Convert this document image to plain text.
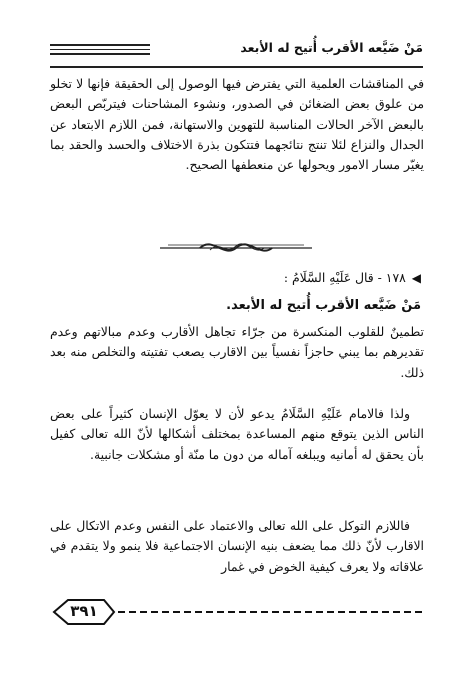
مَنْ ضَيَّعه الأقرب أُتيح له الأبعد
في المناقشات العلمية التي يفترض فيها الوصول إلى الحقيقة فإنها لا تخلو من علوق بعض الضغائن في الصدور، ونشوء المشاحنات فيتربّص البعض بالبعض الآخر الحالات المناسبة للتهوين والاستهانة، فمن اللازم الابتعاد عن الجدال والنزاع لئلا تنتج نتائجهما فتتكون بذرة الاختلاف والحسد والحقد بما يغيّر مسار الامور ويحولها عن منعطفها الصحيح.
◀١٧٨ - قال عَلَيْهِ السَّلَامُ :
مَنْ ضَيَّعه الأقرب أُتيح له الأبعد.
تطمينٌ للقلوب المنكسرة من جرّاء تجاهل الأقارب وعدم مبالاتهم وعدم تقديرهم بما يبني حاجزاً نفسياً بين الاقارب يصعب تفتيته والتخلص منه بعد ذلك.
ولذا فالامام عَلَيْهِ السَّلَامُ يدعو لأن لا يعوّل الإنسان كثيراً على بعض الناس الذين يتوقع منهم المساعدة بمختلف أشكالها لأنّ الله تعالى كفيل بأن يحقق له أمانيه ويبلغه آماله من دون ما منّة أو مشكلات جانبية.
فاللازم التوكل على الله تعالى والاعتماد على النفس وعدم الاتكال على الاقارب لأنّ ذلك مما يضعف بنيه الإنسان الاجتماعية فلا ينمو ولا يتقدم في علاقاته ولا يعرف كيفية الخوض في غمار
٣٩١
